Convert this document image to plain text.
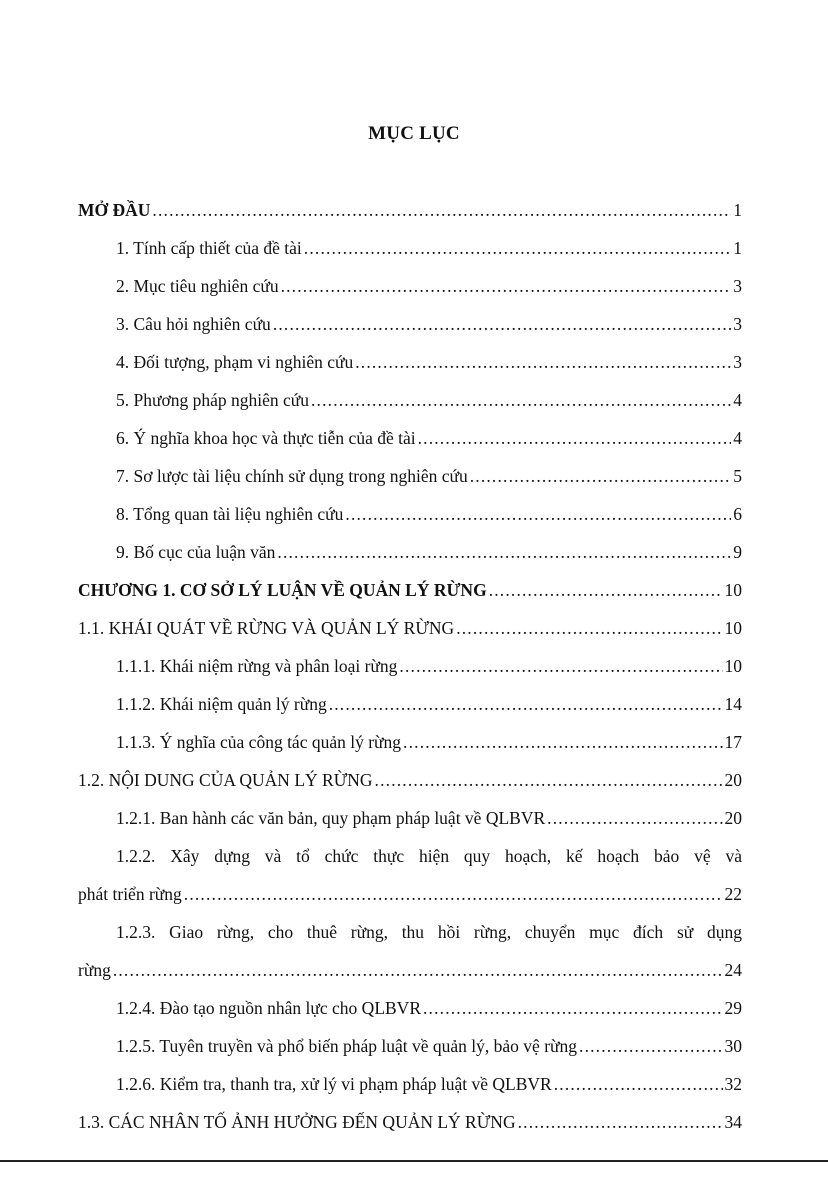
MỤC LỤC
MỞ ĐẦU . . .	1
1. Tính cấp thiết của đề tài . . .	1
2. Mục tiêu nghiên cứu . . .	3
3. Câu hỏi nghiên cứu . . .	3
4. Đối tượng, phạm vi nghiên cứu . . .	3
5. Phương pháp nghiên cứu . . .	4
6. Ý nghĩa khoa học và thực tiễn của đề tài . . .	4
7. Sơ lược tài liệu chính sử dụng trong nghiên cứu . . .	5
8. Tổng quan tài liệu nghiên cứu . . .	6
9. Bố cục của luận văn . . .	9
CHƯƠNG 1. CƠ SỞ LÝ LUẬN VỀ QUẢN LÝ RỪNG . . .	10
1.1. KHÁI QUÁT VỀ RỪNG VÀ QUẢN LÝ RỪNG . . .	10
1.1.1. Khái niệm rừng và phân loại rừng . . .	10
1.1.2. Khái niệm quản lý rừng . . .	14
1.1.3. Ý nghĩa của công tác quản lý rừng . . .	17
1.2. NỘI DUNG CỦA QUẢN LÝ RỪNG . . .	20
1.2.1. Ban hành các văn bản, quy phạm pháp luật về QLBVR . . .	20
1.2.2. Xây dựng và tổ chức thực hiện quy hoạch, kế hoạch bảo vệ và
phát triển rừng . . .	22
1.2.3. Giao rừng, cho thuê rừng, thu hồi rừng, chuyển mục đích sử dụng
rừng . . .	24
1.2.4. Đào tạo nguồn nhân lực cho QLBVR . . .	29
1.2.5. Tuyên truyền và phổ biến pháp luật về quản lý, bảo vệ rừng . . .	30
1.2.6. Kiểm tra, thanh tra, xử lý vi phạm pháp luật về QLBVR . . .	32
1.3. CÁC NHÂN TỐ ẢNH HƯỞNG ĐẾN QUẢN LÝ RỪNG . . .	34
